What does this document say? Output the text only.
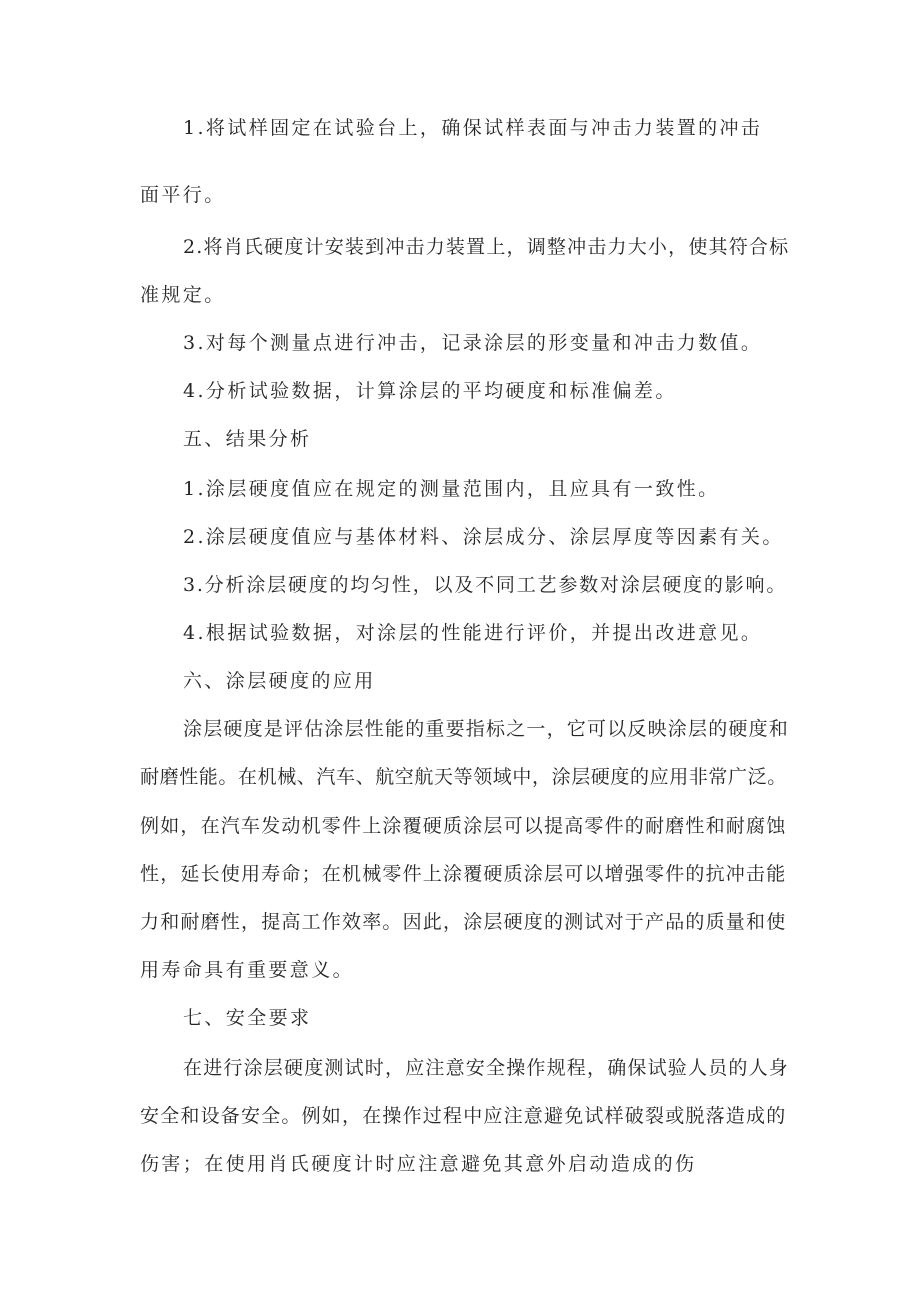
1.将试样固定在试验台上，确保试样表面与冲击力装置的冲击

面平行。

2.将肖氏硬度计安装到冲击力装置上，调整冲击力大小，使其符合标

准规定。

3.对每个测量点进行冲击，记录涂层的形变量和冲击力数值。

4.分析试验数据，计算涂层的平均硬度和标准偏差。

五、结果分析

1.涂层硬度值应在规定的测量范围内，且应具有一致性。

2.涂层硬度值应与基体材料、涂层成分、涂层厚度等因素有关。

3.分析涂层硬度的均匀性，以及不同工艺参数对涂层硬度的影响。

4.根据试验数据，对涂层的性能进行评价，并提出改进意见。

六、涂层硬度的应用

涂层硬度是评估涂层性能的重要指标之一，它可以反映涂层的硬度和

耐磨性能。在机械、汽车、航空航天等领域中，涂层硬度的应用非常广泛。

例如，在汽车发动机零件上涂覆硬质涂层可以提高零件的耐磨性和耐腐蚀

性，延长使用寿命；在机械零件上涂覆硬质涂层可以增强零件的抗冲击能

力和耐磨性，提高工作效率。因此，涂层硬度的测试对于产品的质量和使

用寿命具有重要意义。

七、安全要求

在进行涂层硬度测试时，应注意安全操作规程，确保试验人员的人身

安全和设备安全。例如，在操作过程中应注意避免试样破裂或脱落造成的

伤害；在使用肖氏硬度计时应注意避免其意外启动造成的伤
